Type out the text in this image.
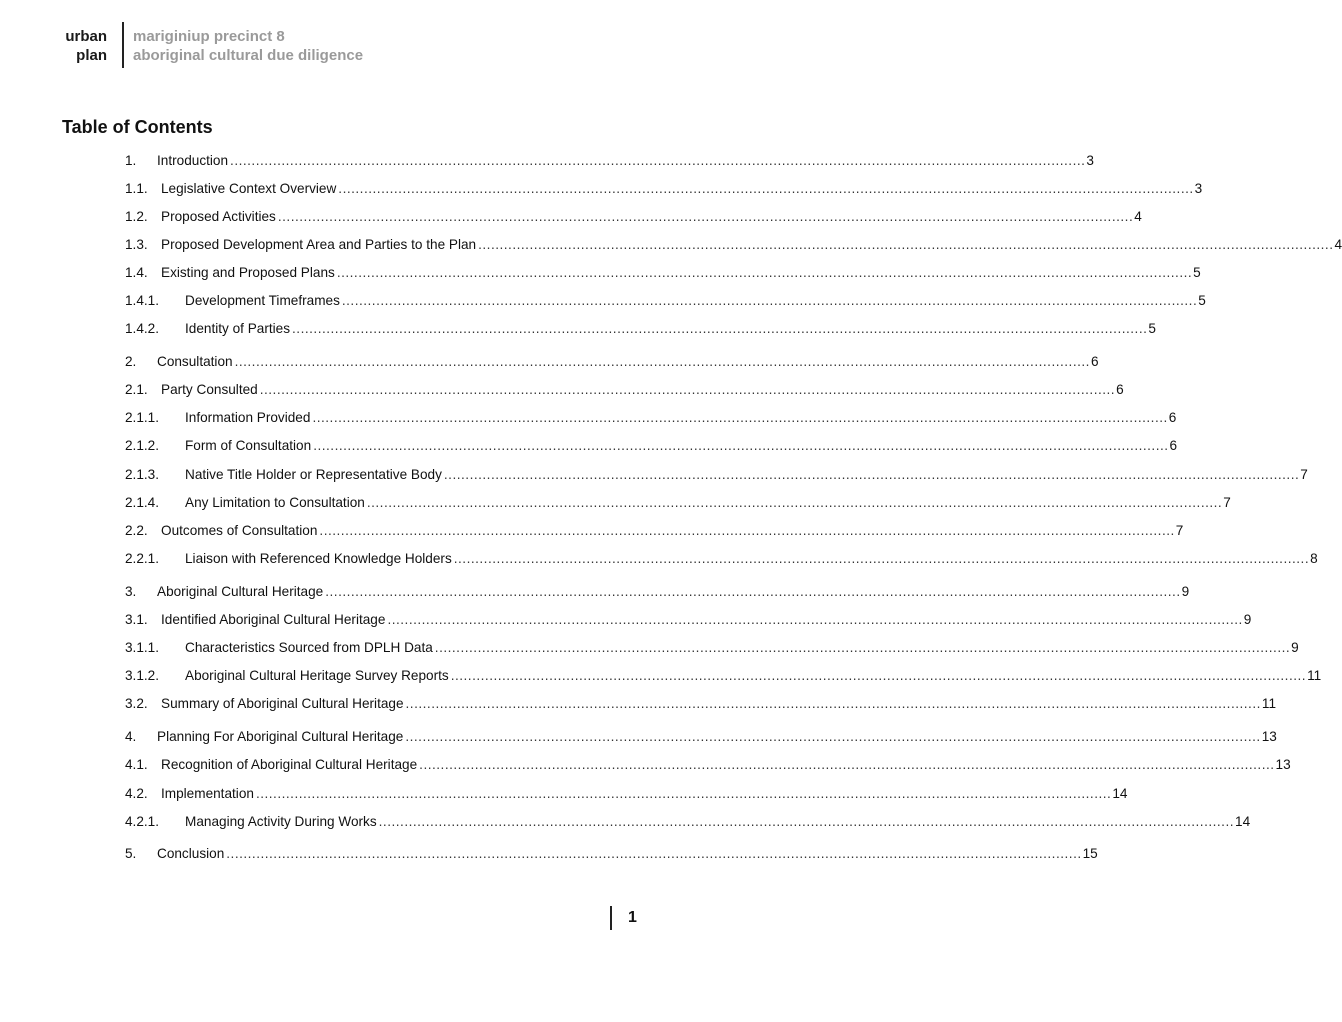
urban
plan
mariginiup precinct 8
aboriginal cultural due diligence
Table of Contents
1.	Introduction ........................................................................................................................................................................................................ 3
1.1. Legislative Context Overview ........................................................................................................................................................................................................ 3
1.2. Proposed Activities ........................................................................................................................................................................................................ 4
1.3. Proposed Development Area and Parties to the Plan ........................................................................................................................................................................................................ 4
1.4. Existing and Proposed Plans ........................................................................................................................................................................................................ 5
1.4.1.	Development Timeframes ........................................................................................................................................................................................................ 5
1.4.2.	Identity of Parties ........................................................................................................................................................................................................ 5
2.	Consultation ........................................................................................................................................................................................................ 6
2.1. Party Consulted ........................................................................................................................................................................................................ 6
2.1.1.	Information Provided ........................................................................................................................................................................................................ 6
2.1.2.	Form of Consultation ........................................................................................................................................................................................................ 6
2.1.3.	Native Title Holder or Representative Body ........................................................................................................................................................................................................ 7
2.1.4.	Any Limitation to Consultation ........................................................................................................................................................................................................ 7
2.2. Outcomes of Consultation ........................................................................................................................................................................................................ 7
2.2.1.	Liaison with Referenced Knowledge Holders ........................................................................................................................................................................................................ 8
3.	Aboriginal Cultural Heritage ........................................................................................................................................................................................................ 9
3.1. Identified Aboriginal Cultural Heritage ........................................................................................................................................................................................................ 9
3.1.1.	Characteristics Sourced from DPLH Data ........................................................................................................................................................................................................ 9
3.1.2.	Aboriginal Cultural Heritage Survey Reports ........................................................................................................................................................................................................ 11
3.2. Summary of Aboriginal Cultural Heritage ........................................................................................................................................................................................................ 11
4.	Planning For Aboriginal Cultural Heritage ........................................................................................................................................................................................................ 13
4.1. Recognition of Aboriginal Cultural Heritage ........................................................................................................................................................................................................ 13
4.2. Implementation ........................................................................................................................................................................................................ 14
4.2.1.	Managing Activity During Works ........................................................................................................................................................................................................ 14
5.	Conclusion ........................................................................................................................................................................................................ 15
1
